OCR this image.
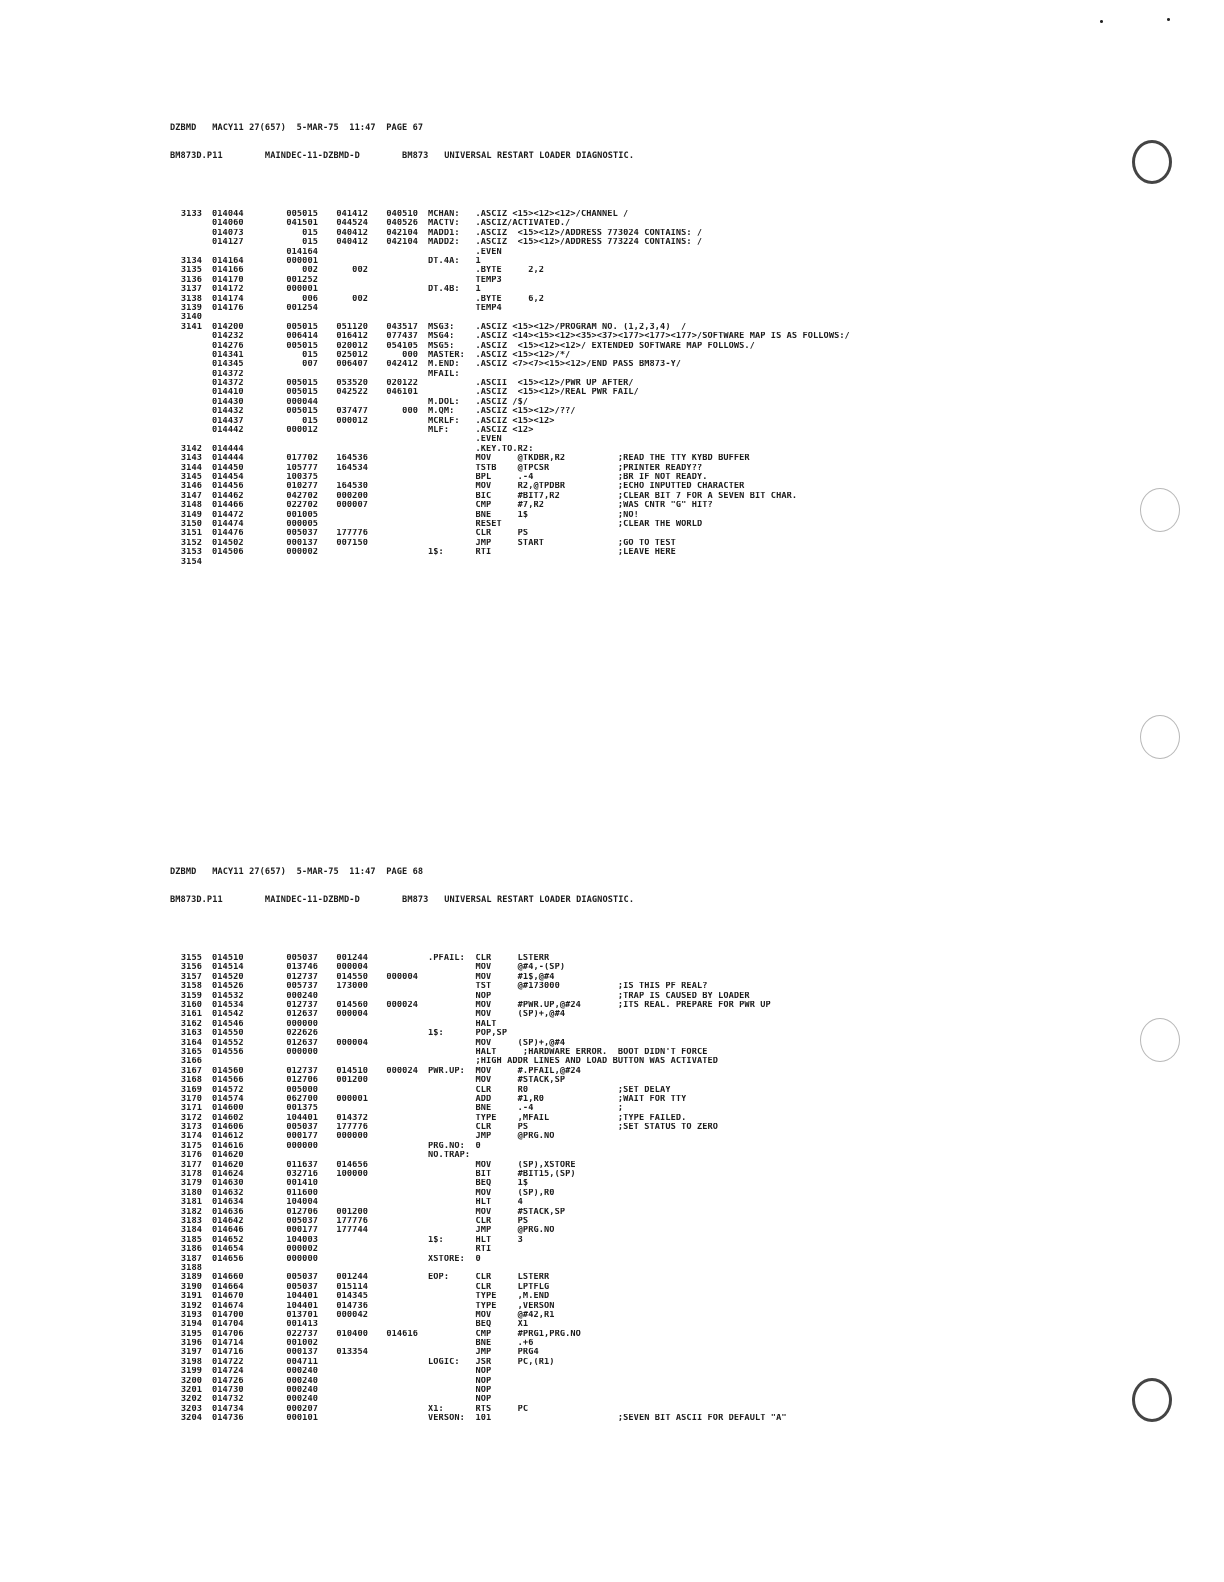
DZBMD   MACY11 27(657)  5-MAR-75  11:47  PAGE 67

BM873D.P11        MAINDEC-11-DZBMD-D        BM873   UNIVERSAL RESTART LOADER DIAGNOSTIC.

3133 014044	005015 041412 040510 MCHAN:   .ASCIZ <15><12><12>/CHANNEL /
014060	041501 044524 040526 MACTV:   .ASCIZ/ACTIVATED./
014073	015 040412 042104 MADD1:   .ASCIZ  <15><12>/ADDRESS 773024 CONTAINS: /
014127	015 040412 042104 MADD2:   .ASCIZ  <15><12>/ADDRESS 773224 CONTAINS: /
014164	.EVEN
3134 014164	000001	DT.4A:   1
3135 014166	002	002	.BYTE     2,2
3136 014170	001252	TEMP3
3137 014172	000001	DT.4B:   1
3138 014174	006	002	.BYTE     6,2
3139 014176	001254	TEMP4
3140
3141 014200	005015 051120 043517 MSG3:    .ASCIZ <15><12>/PROGRAM NO. (1,2,3,4)  /
014232	006414 016412 077437 MSG4:    .ASCIZ <14><15><12><35><37><177><177><177>/SOFTWARE MAP IS AS FOLLOWS:/
014276	005015 020012 054105 MSG5:    .ASCIZ  <15><12><12>/ EXTENDED SOFTWARE MAP FOLLOWS./
014341	015 025012	000 MASTER:  .ASCIZ <15><12>/*/
014345	007 006407 042412 M.END:   .ASCIZ <7><7><15><12>/END PASS BM873-Y/
014372	MFAIL:
014372	005015 053520 020122         .ASCII  <15><12>/PWR UP AFTER/
014410	005015 042522 046101         .ASCIZ  <15><12>/REAL PWR FAIL/
014430	000044	M.DOL:   .ASCIZ /$/
014432	005015 037477	000 M.QM:    .ASCIZ <15><12>/??/
014437	015 000012	MCRLF:   .ASCIZ <15><12>
014442	000012	MLF:     .ASCIZ <12>
.EVEN
3142 014444	.KEY.TO.R2:
3143 014444	017702 164536	MOV     @TKDBR,R2          ;READ THE TTY KYBD BUFFER
3144 014450	105777 164534	TSTB    @TPCSR             ;PRINTER READY??
3145 014454	100375	BPL     .-4                ;BR IF NOT READY.
3146 014456	010277 164530	MOV     R2,@TPDBR          ;ECHO INPUTTED CHARACTER
3147 014462	042702 000200	BIC     #BIT7,R2           ;CLEAR BIT 7 FOR A SEVEN BIT CHAR.
3148 014466	022702 000007	CMP     #7,R2              ;WAS CNTR "G" HIT?
3149 014472	001005	BNE     1$                 ;NO!
3150 014474	000005	RESET                      ;CLEAR THE WORLD
3151 014476	005037 177776	CLR     PS
3152 014502	000137 007150	JMP     START              ;GO TO TEST
3153 014506	000002	1$:      RTI                        ;LEAVE HERE
3154

DZBMD   MACY11 27(657)  5-MAR-75  11:47  PAGE 68

BM873D.P11        MAINDEC-11-DZBMD-D        BM873   UNIVERSAL RESTART LOADER DIAGNOSTIC.

3155 014510	005037 001244	.PFAIL:  CLR     LSTERR
3156 014514	013746 000004	MOV     @#4,-(SP)
3157 014520	012737 014550 000004         MOV     #1$,@#4
3158 014526	005737 173000	TST     @#173000           ;IS THIS PF REAL?
3159 014532	000240	NOP                        ;TRAP IS CAUSED BY LOADER
3160 014534	012737 014560 000024         MOV     #PWR.UP,@#24       ;ITS REAL. PREPARE FOR PWR UP
3161 014542	012637 000004	MOV     (SP)+,@#4
3162 014546	000000	HALT
3163 014550	022626	1$:      POP,SP
3164 014552	012637 000004	MOV     (SP)+,@#4
3165 014556	000000	HALT     ;HARDWARE ERROR.  BOOT DIDN'T FORCE
3166	;HIGH ADDR LINES AND LOAD BUTTON WAS ACTIVATED
3167 014560	012737 014510 000024 PWR.UP:  MOV     #.PFAIL,@#24
3168 014566	012706 001200	MOV     #STACK,SP
3169 014572	005000	CLR     R0                 ;SET DELAY
3170 014574	062700 000001	ADD     #1,R0              ;WAIT FOR TTY
3171 014600	001375	BNE     .-4                ;
3172 014602	104401 014372	TYPE    ,MFAIL             ;TYPE FAILED.
3173 014606	005037 177776	CLR     PS                 ;SET STATUS TO ZERO
3174 014612	000177 000000	JMP     @PRG.NO
3175 014616	000000	PRG.NO:  0
3176 014620	NO.TRAP:
3177 014620	011637 014656	MOV     (SP),XSTORE
3178 014624	032716 100000	BIT     #BIT15,(SP)
3179 014630	001410	BEQ     1$
3180 014632	011600	MOV     (SP),R0
3181 014634	104004	HLT     4
3182 014636	012706 001200	MOV     #STACK,SP
3183 014642	005037 177776	CLR     PS
3184 014646	000177 177744	JMP     @PRG.NO
3185 014652	104003	1$:      HLT     3
3186 014654	000002	RTI
3187 014656	000000	XSTORE:  0
3188
3189 014660	005037 001244	EOP:     CLR     LSTERR
3190 014664	005037 015114	CLR     LPTFLG
3191 014670	104401 014345	TYPE    ,M.END
3192 014674	104401 014736	TYPE    ,VERSON
3193 014700	013701 000042	MOV     @#42,R1
3194 014704	001413	BEQ     X1
3195 014706	022737 010400 014616         CMP     #PRG1,PRG.NO
3196 014714	001002	BNE     .+6
3197 014716	000137 013354	JMP     PRG4
3198 014722	004711	LOGIC:   JSR     PC,(R1)
3199 014724	000240	NOP
3200 014726	000240	NOP
3201 014730	000240	NOP
3202 014732	000240	NOP
3203 014734	000207	X1:      RTS     PC
3204 014736	000101	VERSON:  101                        ;SEVEN BIT ASCII FOR DEFAULT "A"
